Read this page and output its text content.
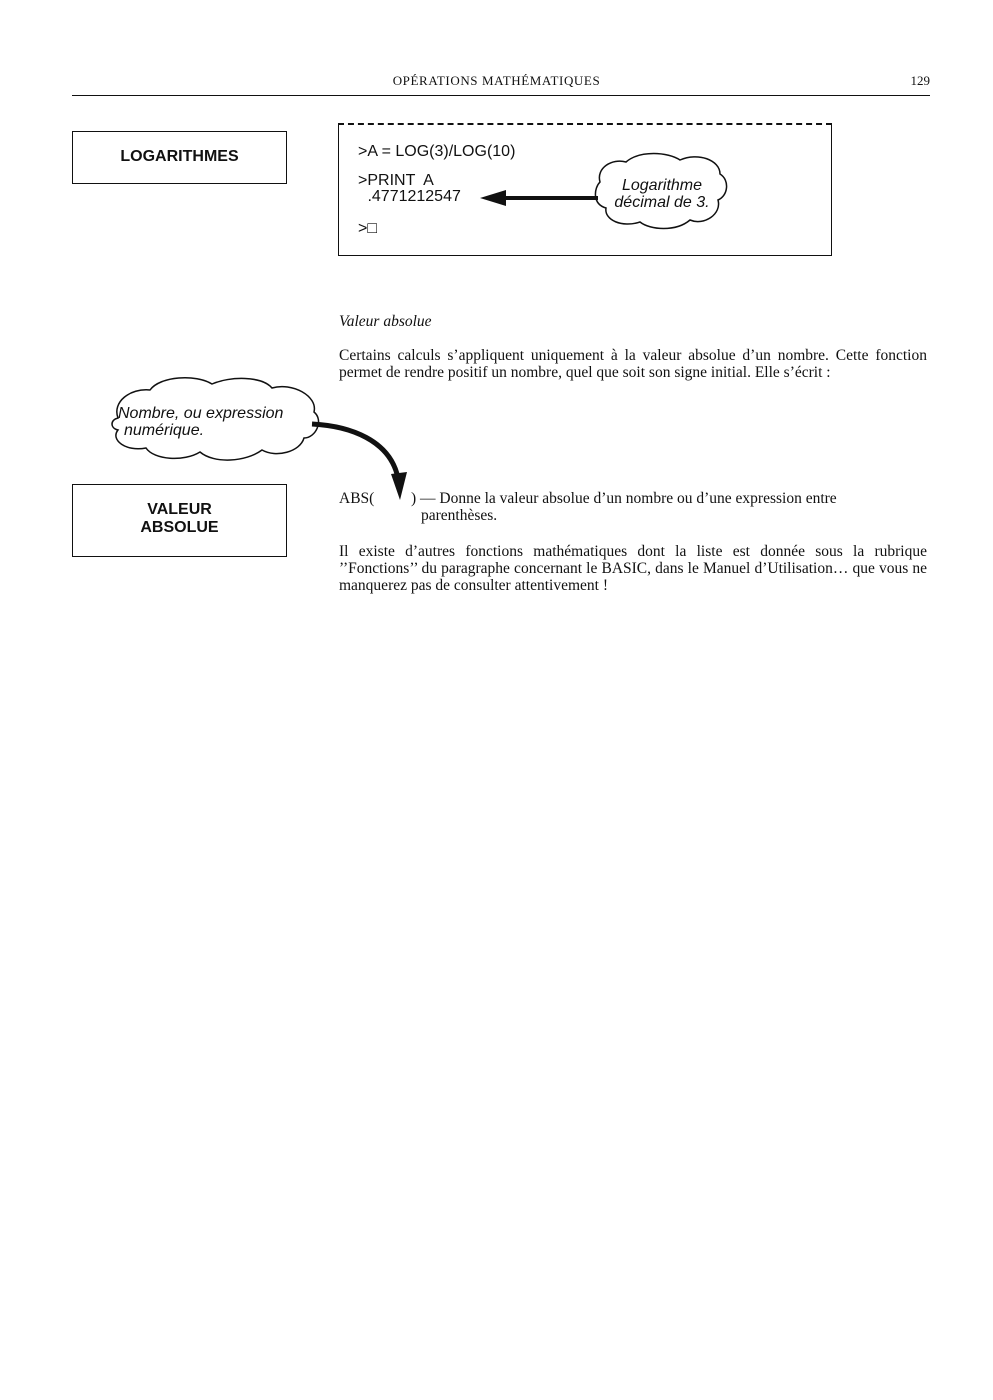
OPÉRATIONS MATHÉMATIQUES	129
LOGARITHMES
VALEUR
ABSOLUE
>A = LOG(3)/LOG(10)
>PRINT  A
.4771212547
>□
Logarithme
décimal de 3.
Nombre, ou expression
numérique.
Valeur absolue
Certains calculs s’appliquent uniquement à la valeur absolue d’un nombre. Cette fonction permet de rendre positif un nombre, quel que soit son signe initial. Elle s’écrit :
ABS(	) — Donne la valeur absolue d’un nombre ou d’une expression entre
parenthèses.
Il existe d’autres fonctions mathématiques dont la liste est donnée sous la rubrique ’’Fonctions’’ du paragraphe concernant le BASIC, dans le Manuel d’Utilisation… que vous ne manquerez pas de consulter attentivement !
